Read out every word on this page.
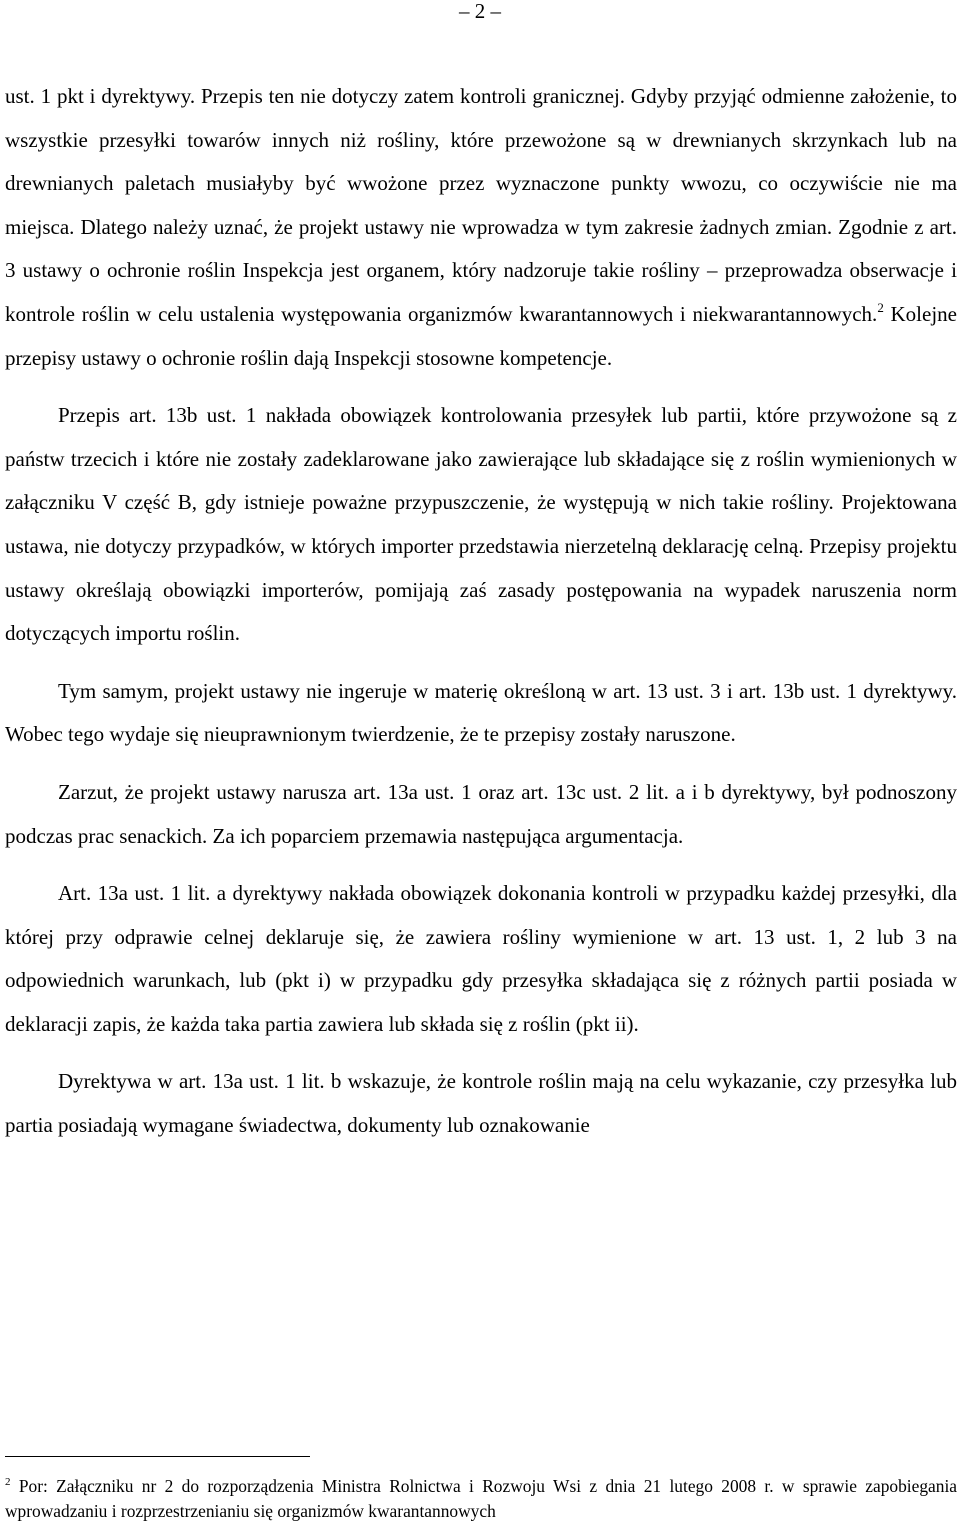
– 2 –

ust. 1 pkt i dyrektywy. Przepis ten nie dotyczy zatem kontroli granicznej. Gdyby przyjąć odmienne założenie, to wszystkie przesyłki towarów innych niż rośliny, które przewożone są w drewnianych skrzynkach lub na drewnianych paletach musiałyby być wwożone przez wyznaczone punkty wwozu, co oczywiście nie ma miejsca. Dlatego należy uznać, że projekt ustawy nie wprowadza w tym zakresie żadnych zmian. Zgodnie z art. 3 ustawy o ochronie roślin Inspekcja jest organem, który nadzoruje takie rośliny – przeprowadza obserwacje i kontrole roślin w celu ustalenia występowania organizmów kwarantannowych i niekwarantannowych.$^2$ Kolejne przepisy ustawy o ochronie roślin dają Inspekcji stosowne kompetencje.

Przepis art. 13b ust. 1 nakłada obowiązek kontrolowania przesyłek lub partii, które przywożone są z państw trzecich i które nie zostały zadeklarowane jako zawierające lub składające się z roślin wymienionych w załączniku V część B, gdy istnieje poważne przypuszczenie, że występują w nich takie rośliny. Projektowana ustawa, nie dotyczy przypadków, w których importer przedstawia nierzetelną deklarację celną. Przepisy projektu ustawy określają obowiązki importerów, pomijają zaś zasady postępowania na wypadek naruszenia norm dotyczących importu roślin.

Tym samym, projekt ustawy nie ingeruje w materię określoną w art. 13 ust. 3 i art. 13b ust. 1 dyrektywy. Wobec tego wydaje się nieuprawnionym twierdzenie, że te przepisy zostały naruszone.

Zarzut, że projekt ustawy narusza art. 13a ust. 1 oraz art. 13c ust. 2 lit. a i b dyrektywy, był podnoszony podczas prac senackich. Za ich poparciem przemawia następująca argumentacja.

Art. 13a ust. 1 lit. a dyrektywy nakłada obowiązek dokonania kontroli w przypadku każdej przesyłki, dla której przy odprawie celnej deklaruje się, że zawiera rośliny wymienione w art. 13 ust. 1, 2 lub 3 na odpowiednich warunkach, lub (pkt i) w przypadku gdy przesyłka składająca się z różnych partii posiada w deklaracji zapis, że każda taka partia zawiera lub składa się z roślin (pkt ii).

Dyrektywa w art. 13a ust. 1 lit. b wskazuje, że kontrole roślin mają na celu wykazanie, czy przesyłka lub partia posiadają wymagane świadectwa, dokumenty lub oznakowanie

$^2$ Por: Załączniku nr 2 do rozporządzenia Ministra Rolnictwa i Rozwoju Wsi z dnia 21 lutego 2008 r. w sprawie zapobiegania wprowadzaniu i rozprzestrzenianiu się organizmów kwarantannowych
